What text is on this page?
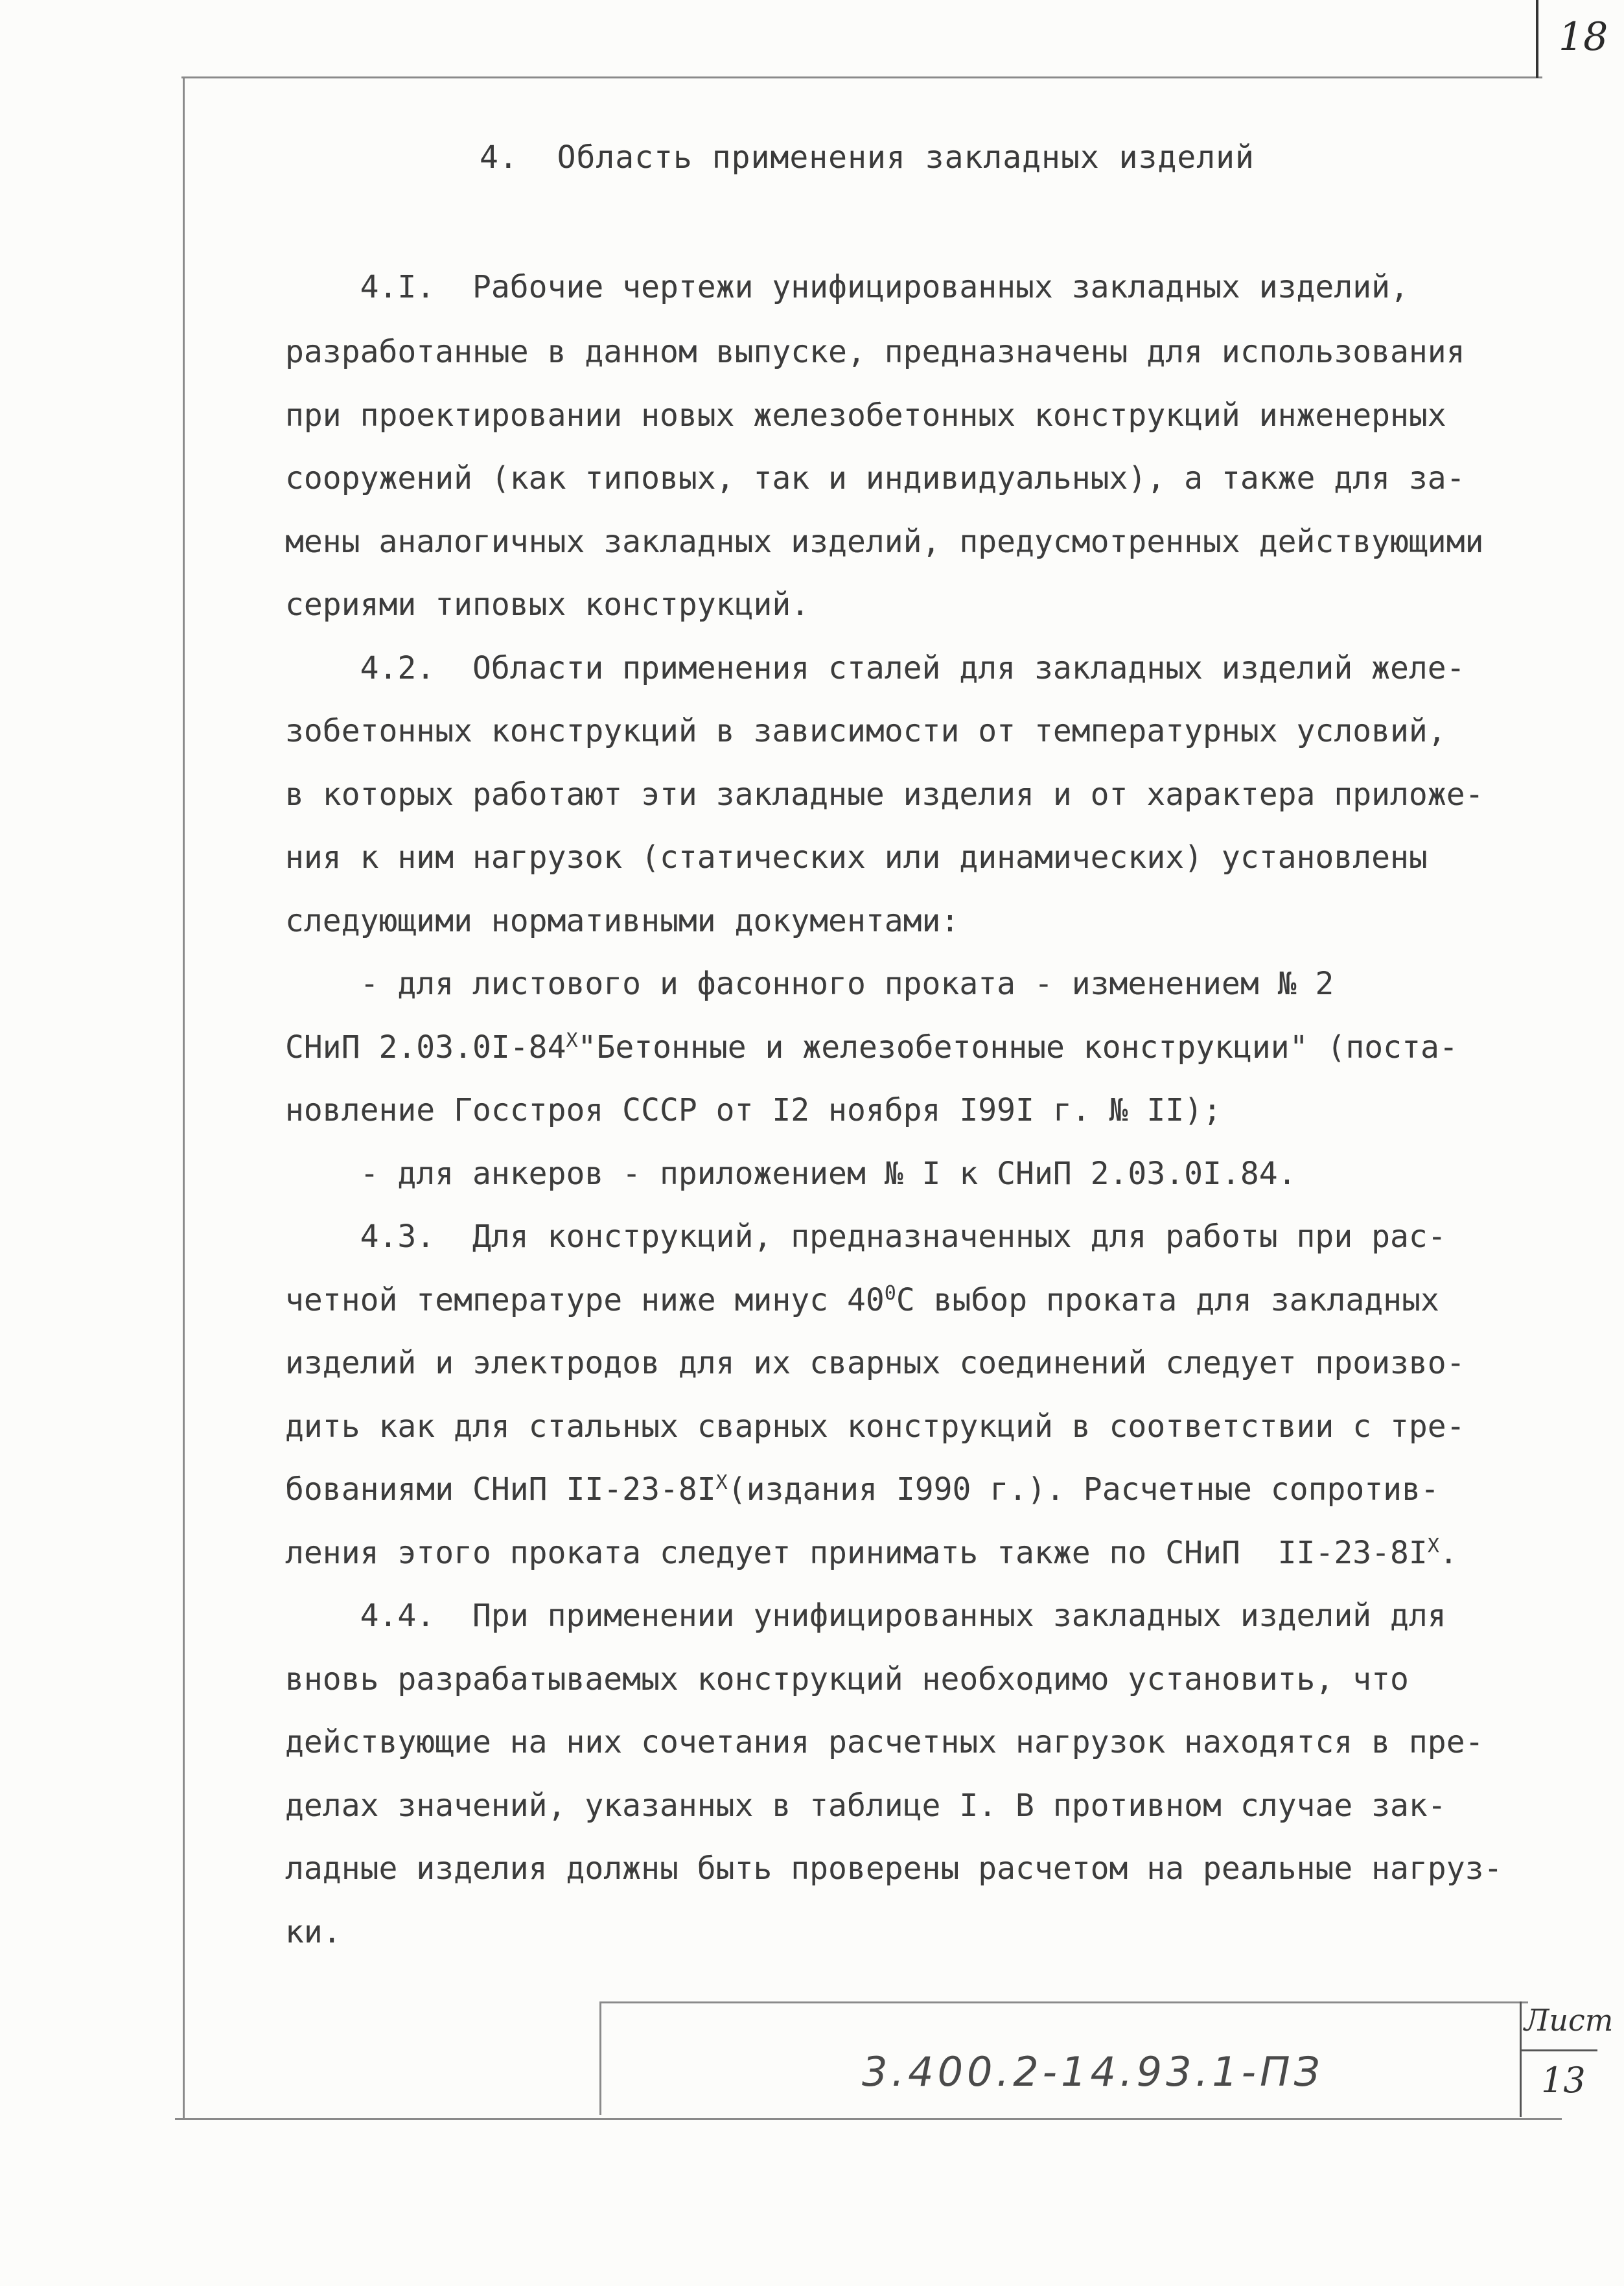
18
4.  Область применения закладных изделий
4.I.  Рабочие чертежи унифицированных закладных изделий,
разработанные в данном выпуске, предназначены для использования
при проектировании новых железобетонных конструкций инженерных
сооружений (как типовых, так и индивидуальных), а также для за-
мены аналогичных закладных изделий, предусмотренных действующими
сериями типовых конструкций.
4.2.  Области применения сталей для закладных изделий желе-
зобетонных конструкций в зависимости от температурных условий,
в которых работают эти закладные изделия и от характера приложе-
ния к ним нагрузок (статических или динамических) установлены
следующими нормативными документами:
- для листового и фасонного проката - изменением № 2
СНиП $2.03.0I-84^X"Бетонные$ и железобетонные конструкции" (поста-
новление Госстроя СССР от I2 ноября I99I г. № II);
- для анкеров - приложением № I к СНиП 2.03.0I.84.
4.3.  Для конструкций, предназначенных для работы при рас-
четной температуре ниже минус $40^0С$ выбор проката для закладных
изделий и электродов для их сварных соединений следует произво-
дить как для стальных сварных конструкций в соответствии с тре-
бованиями СНиП $II-23-8I^X(издания$ I990 г.). Расчетные сопротив-
ления этого проката следует принимать также по СНиП  $II-23-8I^X$.
4.4.  При применении унифицированных закладных изделий для
вновь разрабатываемых конструкций необходимо установить, что
действующие на них сочетания расчетных нагрузок находятся в пре-
делах значений, указанных в таблице I. В противном случае зак-
ладные изделия должны быть проверены расчетом на реальные нагруз-
ки.
3.400.2-14.93.1-ПЗ
Лист
13
